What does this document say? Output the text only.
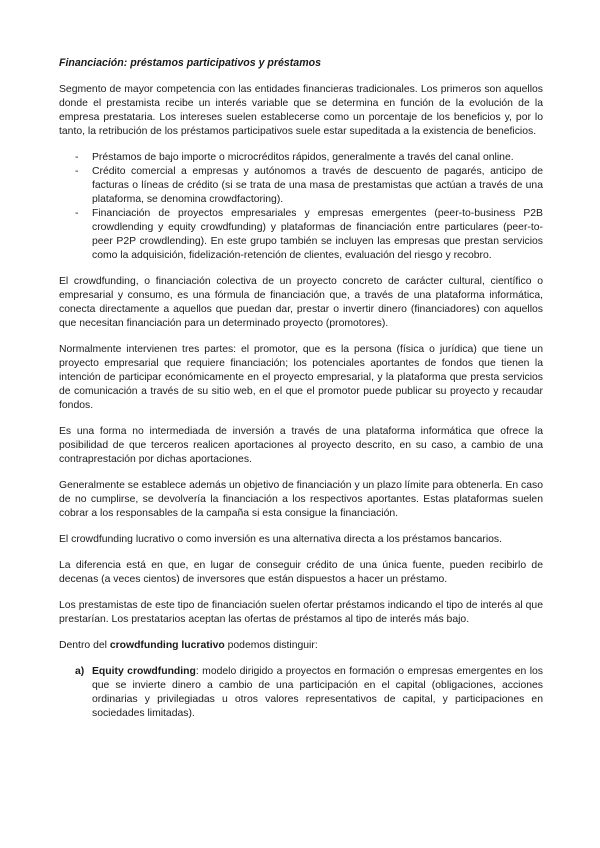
Financiación: préstamos participativos y préstamos

Segmento de mayor competencia con las entidades financieras tradicionales. Los primeros son aquellos donde el prestamista recibe un interés variable que se determina en función de la evolución de la empresa prestataria. Los intereses suelen establecerse como un porcentaje de los beneficios y, por lo tanto, la retribución de los préstamos participativos suele estar supeditada a la existencia de beneficios.

- Préstamos de bajo importe o microcréditos rápidos, generalmente a través del canal online.
- Crédito comercial a empresas y autónomos a través de descuento de pagarés, anticipo de facturas o líneas de crédito (si se trata de una masa de prestamistas que actúan a través de una plataforma, se denomina crowdfactoring).
- Financiación de proyectos empresariales y empresas emergentes (peer-to-business P2B crowdlending y equity crowdfunding) y plataformas de financiación entre particulares (peer-to-peer P2P crowdlending). En este grupo también se incluyen las empresas que prestan servicios como la adquisición, fidelización-retención de clientes, evaluación del riesgo y recobro.

El crowdfunding, o financiación colectiva de un proyecto concreto de carácter cultural, científico o empresarial y consumo, es una fórmula de financiación que, a través de una plataforma informática, conecta directamente a aquellos que puedan dar, prestar o invertir dinero (financiadores) con aquellos que necesitan financiación para un determinado proyecto (promotores).

Normalmente intervienen tres partes: el promotor, que es la persona (física o jurídica) que tiene un proyecto empresarial que requiere financiación; los potenciales aportantes de fondos que tienen la intención de participar económicamente en el proyecto empresarial, y la plataforma que presta servicios de comunicación a través de su sitio web, en el que el promotor puede publicar su proyecto y recaudar fondos.

Es una forma no intermediada de inversión a través de una plataforma informática que ofrece la posibilidad de que terceros realicen aportaciones al proyecto descrito, en su caso, a cambio de una contraprestación por dichas aportaciones.

Generalmente se establece además un objetivo de financiación y un plazo límite para obtenerla. En caso de no cumplirse, se devolvería la financiación a los respectivos aportantes. Estas plataformas suelen cobrar a los responsables de la campaña si esta consigue la financiación.

El crowdfunding lucrativo o como inversión es una alternativa directa a los préstamos bancarios.

La diferencia está en que, en lugar de conseguir crédito de una única fuente, pueden recibirlo de decenas (a veces cientos) de inversores que están dispuestos a hacer un préstamo.

Los prestamistas de este tipo de financiación suelen ofertar préstamos indicando el tipo de interés al que prestarían. Los prestatarios aceptan las ofertas de préstamos al tipo de interés más bajo.

Dentro del crowdfunding lucrativo podemos distinguir:

a) Equity crowdfunding: modelo dirigido a proyectos en formación o empresas emergentes en los que se invierte dinero a cambio de una participación en el capital (obligaciones, acciones ordinarias y privilegiadas u otros valores representativos de capital, y participaciones en sociedades limitadas).
